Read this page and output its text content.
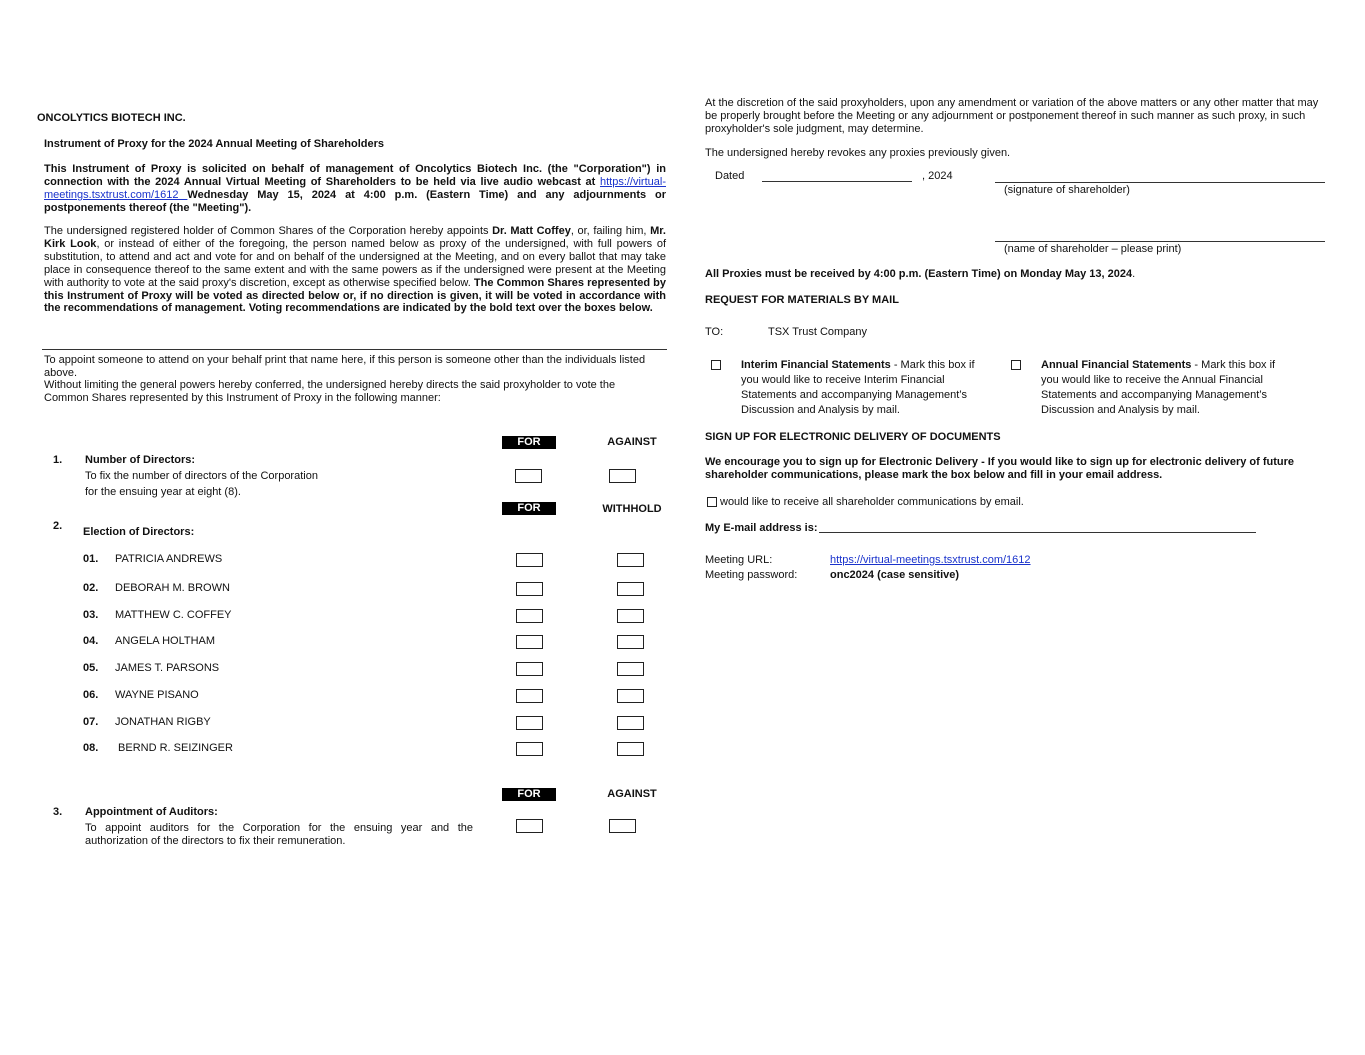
ONCOLYTICS BIOTECH INC.
Instrument of Proxy for the 2024 Annual Meeting of Shareholders

This Instrument of Proxy is solicited on behalf of management of Oncolytics Biotech Inc. (the "Corporation") in connection with the 2024 Annual Virtual Meeting of Shareholders to be held via live audio webcast at https://virtual-meetings.tsxtrust.com/1612 Wednesday May 15, 2024 at 4:00 p.m. (Eastern Time) and any adjournments or postponements thereof (the "Meeting").

The undersigned registered holder of Common Shares of the Corporation hereby appoints Dr. Matt Coffey, or, failing him, Mr. Kirk Look, or instead of either of the foregoing, the person named below as proxy of the undersigned, with full powers of substitution, to attend and act and vote for and on behalf of the undersigned at the Meeting, and on every ballot that may take place in consequence thereof to the same extent and with the same powers as if the undersigned were present at the Meeting with authority to vote at the said proxy's discretion, except as otherwise specified below. The Common Shares represented by this Instrument of Proxy will be voted as directed below or, if no direction is given, it will be voted in accordance with the recommendations of management. Voting recommendations are indicated by the bold text over the boxes below.

To appoint someone to attend on your behalf print that name here, if this person is someone other than the individuals listed above.

Without limiting the general powers hereby conferred, the undersigned hereby directs the said proxyholder to vote the Common Shares represented by this Instrument of Proxy in the following manner:

FOR	AGAINST
1. Number of Directors:
To fix the number of directors of the Corporation
for the ensuing year at eight (8).
FOR	WITHHOLD
2. Election of Directors:
01. PATRICIA ANDREWS
02. DEBORAH M. BROWN
03. MATTHEW C. COFFEY
04. ANGELA HOLTHAM
05. JAMES T. PARSONS
06. WAYNE PISANO
07. JONATHAN RIGBY
08. BERND R. SEIZINGER
FOR	AGAINST
3. Appointment of Auditors:

To appoint auditors for the Corporation for the ensuing year and the authorization of the directors to fix their remuneration.

At the discretion of the said proxyholders, upon any amendment or variation of the above matters or any other matter that may be properly brought before the Meeting or any adjournment or postponement thereof in such manner as such proxy, in such proxyholder's sole judgment, may determine.

The undersigned hereby revokes any proxies previously given.
Dated	, 2024
(signature of shareholder)
(name of shareholder – please print)
All Proxies must be received by 4:00 p.m. (Eastern Time) on Monday May 13, 2024.
REQUEST FOR MATERIALS BY MAIL
TO:	TSX Trust Company

Interim Financial Statements - Mark this box if you would like to receive Interim Financial Statements and accompanying Management’s Discussion and Analysis by mail.

Annual Financial Statements - Mark this box if you would like to receive the Annual Financial Statements and accompanying Management’s Discussion and Analysis by mail.

SIGN UP FOR ELECTRONIC DELIVERY OF DOCUMENTS

We encourage you to sign up for Electronic Delivery - If you would like to sign up for electronic delivery of future shareholder communications, please mark the box below and fill in your email address.

would like to receive all shareholder communications by email.
My E-mail address is:
Meeting URL:	https://virtual-meetings.tsxtrust.com/1612
Meeting password:	onc2024 (case sensitive)
